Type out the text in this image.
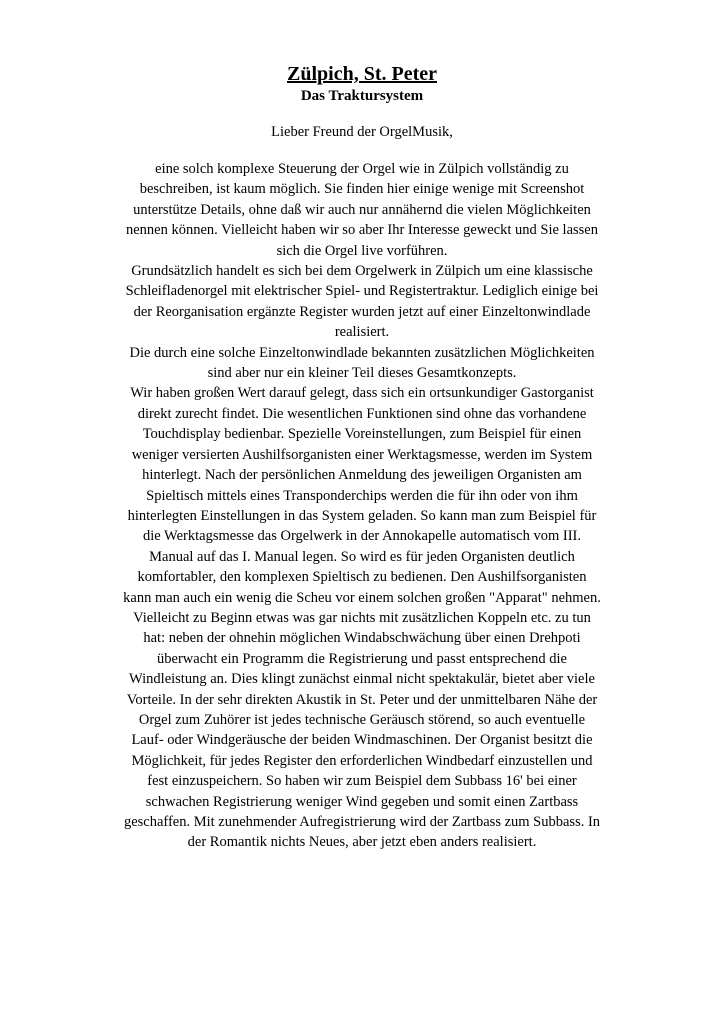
Zülpich, St. Peter
Das Traktursystem
Lieber Freund der OrgelMusik,
eine solch komplexe Steuerung der Orgel wie in Zülpich vollständig zu
beschreiben, ist kaum möglich. Sie finden hier einige wenige mit Screenshot
unterstütze Details, ohne daß wir auch nur annähernd die vielen Möglichkeiten
nennen können. Vielleicht haben wir so aber Ihr Interesse geweckt und Sie lassen
sich die Orgel live vorführen.
Grundsätzlich handelt es sich bei dem Orgelwerk in Zülpich um eine klassische
Schleifladenorgel mit elektrischer Spiel- und Registertraktur. Lediglich einige bei
der Reorganisation ergänzte Register wurden jetzt auf einer Einzeltonwindlade
realisiert.
Die durch eine solche Einzeltonwindlade bekannten zusätzlichen Möglichkeiten
sind aber nur ein kleiner Teil dieses Gesamtkonzepts.
Wir haben großen Wert darauf gelegt, dass sich ein ortsunkundiger Gastorganist
direkt zurecht findet. Die wesentlichen Funktionen sind ohne das vorhandene
Touchdisplay bedienbar. Spezielle Voreinstellungen, zum Beispiel für einen
weniger versierten Aushilfsorganisten einer Werktagsmesse, werden im System
hinterlegt. Nach der persönlichen Anmeldung des jeweiligen Organisten am
Spieltisch mittels eines Transponderchips werden die für ihn oder von ihm
hinterlegten Einstellungen in das System geladen. So kann man zum Beispiel für
die Werktagsmesse das Orgelwerk in der Annokapelle automatisch vom III.
Manual auf das I. Manual legen. So wird es für jeden Organisten deutlich
komfortabler, den komplexen Spieltisch zu bedienen. Den Aushilfsorganisten
kann man auch ein wenig die Scheu vor einem solchen großen "Apparat" nehmen.
Vielleicht zu Beginn etwas was gar nichts mit zusätzlichen Koppeln etc. zu tun
hat: neben der ohnehin möglichen Windabschwächung über einen Drehpoti
überwacht ein Programm die Registrierung und passt entsprechend die
Windleistung an. Dies klingt zunächst einmal nicht spektakulär, bietet aber viele
Vorteile. In der sehr direkten Akustik in St. Peter und der unmittelbaren Nähe der
Orgel zum Zuhörer ist jedes technische Geräusch störend, so auch eventuelle
Lauf- oder Windgeräusche der beiden Windmaschinen. Der Organist besitzt die
Möglichkeit, für jedes Register den erforderlichen Windbedarf einzustellen und
fest einzuspeichern. So haben wir zum Beispiel dem Subbass 16' bei einer
schwachen Registrierung weniger Wind gegeben und somit einen Zartbass
geschaffen. Mit zunehmender Aufregistrierung wird der Zartbass zum Subbass. In
der Romantik nichts Neues, aber jetzt eben anders realisiert.
